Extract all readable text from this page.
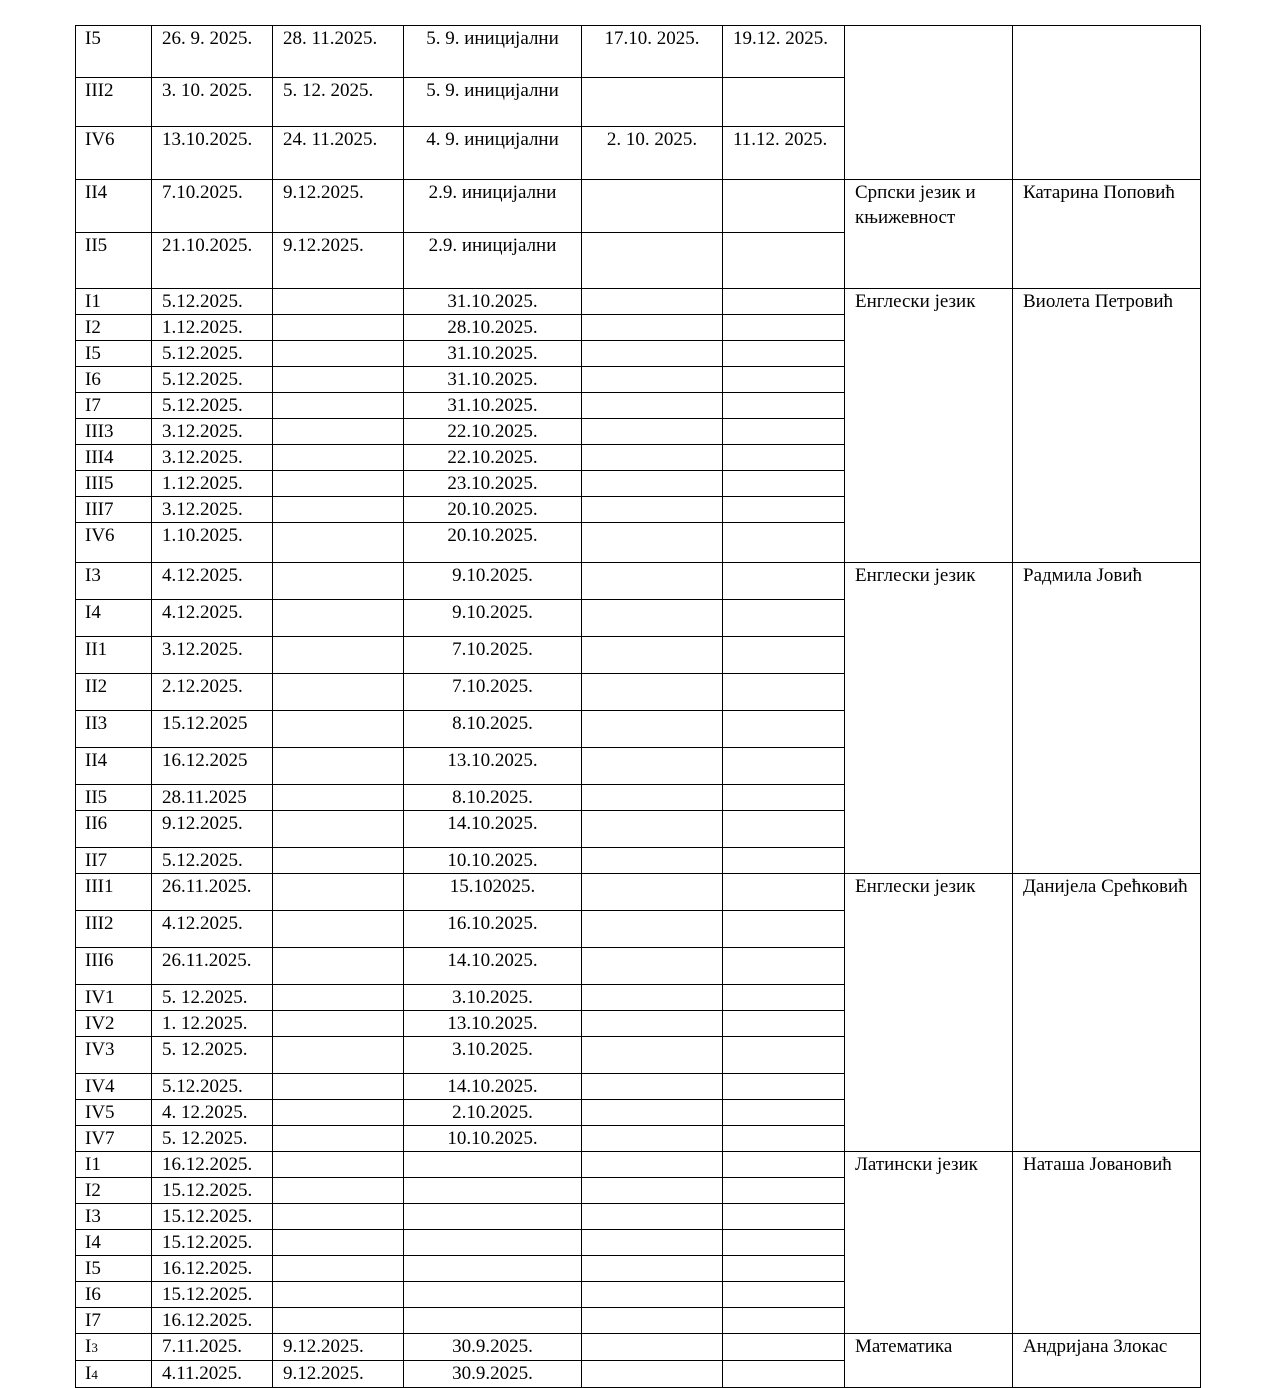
I5	26. 9. 2025.	28. 11.2025.	5. 9. иницијални	17.10. 2025.	19.12. 2025.		
III2	3. 10. 2025.	5. 12. 2025.	5. 9. иницијални				
IV6	13.10.2025.	24. 11.2025.	4. 9. иницијални	2. 10. 2025.	11.12. 2025.		
II4	7.10.2025.	9.12.2025.	2.9. иницијални			Српски језик и књижевност	Катарина Поповић
II5	21.10.2025.	9.12.2025.	2.9. иницијални				
I1	5.12.2025.		31.10.2025.			Енглески језик	Виолета Петровић
I2	1.12.2025.		28.10.2025.				
I5	5.12.2025.		31.10.2025.				
I6	5.12.2025.		31.10.2025.				
I7	5.12.2025.		31.10.2025.				
III3	3.12.2025.		22.10.2025.				
III4	3.12.2025.		22.10.2025.				
III5	1.12.2025.		23.10.2025.				
III7	3.12.2025.		20.10.2025.				
IV6	1.10.2025.		20.10.2025.				
I3	4.12.2025.		9.10.2025.			Енглески језик	Радмила Јовић
I4	4.12.2025.		9.10.2025.				
II1	3.12.2025.		7.10.2025.				
II2	2.12.2025.		7.10.2025.				
II3	15.12.2025		8.10.2025.				
II4	16.12.2025		13.10.2025.				
II5	28.11.2025		8.10.2025.				
II6	9.12.2025.		14.10.2025.				
II7	5.12.2025.		10.10.2025.				
III1	26.11.2025.		15.102025.			Енглески језик	Данијела Срећковић
III2	4.12.2025.		16.10.2025.				
III6	26.11.2025.		14.10.2025.				
IV1	5. 12.2025.		3.10.2025.				
IV2	1. 12.2025.		13.10.2025.				
IV3	5. 12.2025.		3.10.2025.				
IV4	5.12.2025.		14.10.2025.				
IV5	4. 12.2025.		2.10.2025.				
IV7	5. 12.2025.		10.10.2025.				
I1	16.12.2025.					Латински језик	Наташа Јовановић
I2	15.12.2025.						
I3	15.12.2025.						
I4	15.12.2025.						
I5	16.12.2025.						
I6	15.12.2025.						
I7	16.12.2025.						
I3	7.11.2025.	9.12.2025.	30.9.2025.			Математика	Андријана Злокас
I4	4.11.2025.	9.12.2025.	30.9.2025.				
